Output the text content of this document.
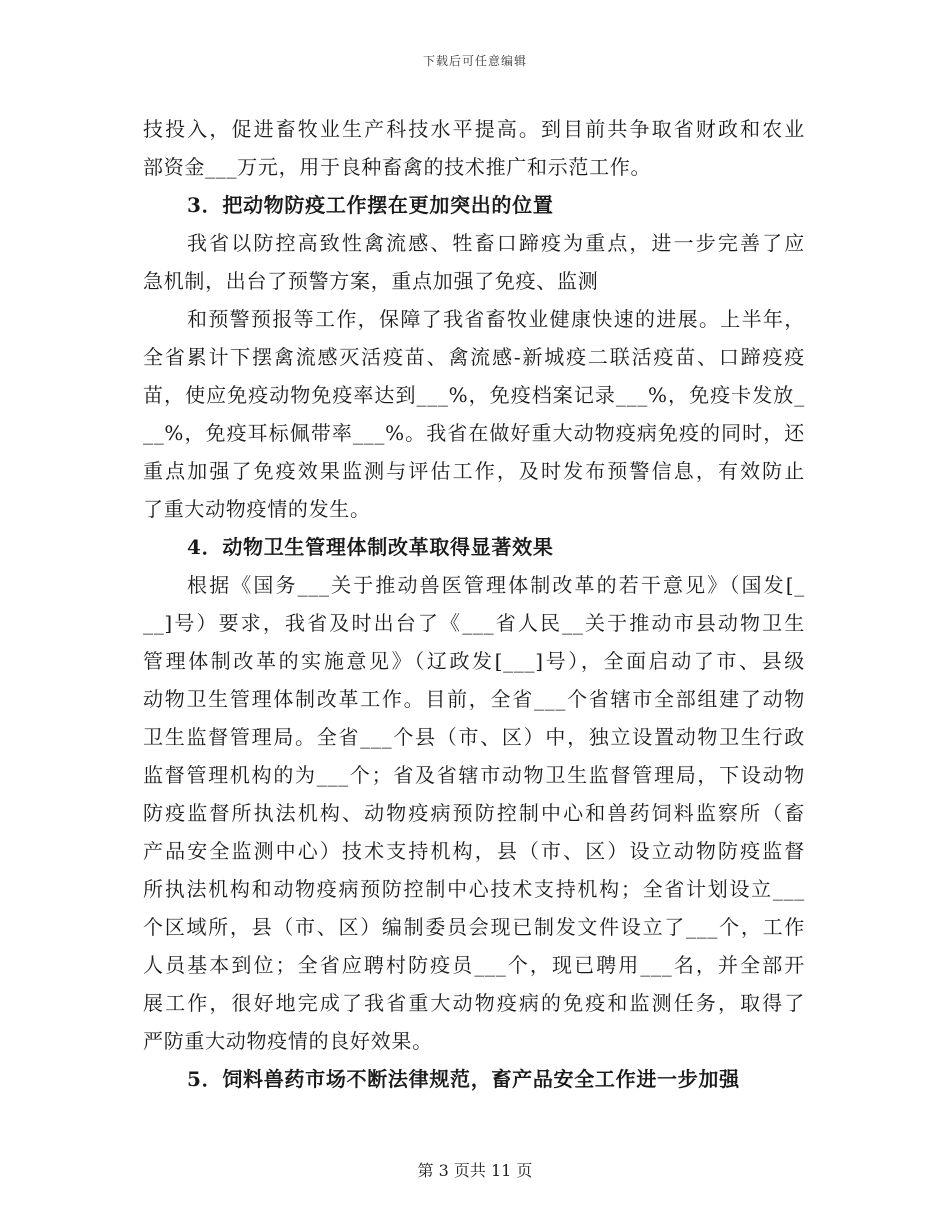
下载后可任意编辑
技投入，促进畜牧业生产科技水平提高。到目前共争取省财政和农业
部资金___万元，用于良种畜禽的技术推广和示范工作。
3．把动物防疫工作摆在更加突出的位置
我省以防控高致性禽流感、牲畜口蹄疫为重点，进一步完善了应
急机制，出台了预警方案，重点加强了免疫、监测
和预警预报等工作，保障了我省畜牧业健康快速的进展。上半年，
全省累计下摆禽流感灭活疫苗、禽流感-新城疫二联活疫苗、口蹄疫疫
苗，使应免疫动物免疫率达到___%，免疫档案记录___%，免疫卡发放_
__%，免疫耳标佩带率___%。我省在做好重大动物疫病免疫的同时，还
重点加强了免疫效果监测与评估工作，及时发布预警信息，有效防止
了重大动物疫情的发生。
4．动物卫生管理体制改革取得显著效果
根据《国务___关于推动兽医管理体制改革的若干意见》（国发[_
__]号）要求，我省及时出台了《___省人民__关于推动市县动物卫生
管理体制改革的实施意见》（辽政发[___]号），全面启动了市、县级
动物卫生管理体制改革工作。目前，全省___个省辖市全部组建了动物
卫生监督管理局。全省___个县（市、区）中，独立设置动物卫生行政
监督管理机构的为___个；省及省辖市动物卫生监督管理局，下设动物
防疫监督所执法机构、动物疫病预防控制中心和兽药饲料监察所（畜
产品安全监测中心）技术支持机构，县（市、区）设立动物防疫监督
所执法机构和动物疫病预防控制中心技术支持机构；全省计划设立___
个区域所，县（市、区）编制委员会现已制发文件设立了___个，工作
人员基本到位；全省应聘村防疫员___个，现已聘用___名，并全部开
展工作，很好地完成了我省重大动物疫病的免疫和监测任务，取得了
严防重大动物疫情的良好效果。
5．饲料兽药市场不断法律规范，畜产品安全工作进一步加强
第 3 页共 11 页
